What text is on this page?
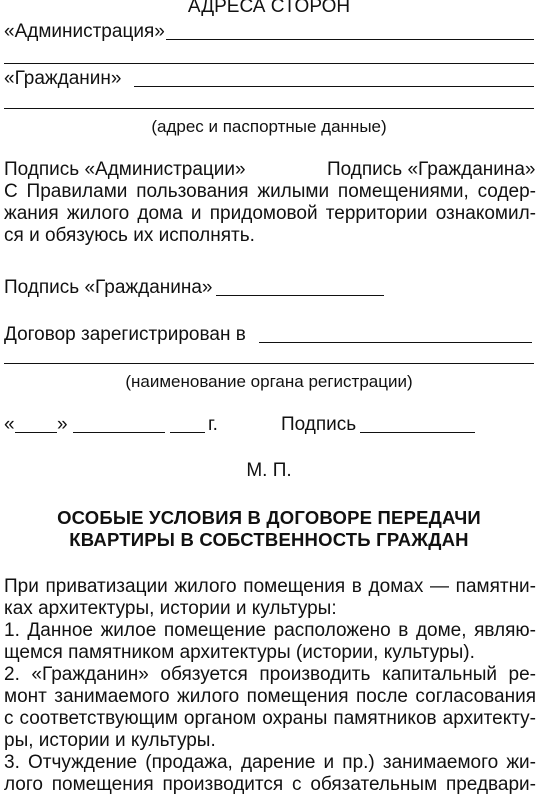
АДРЕСА СТОРОН
«Администрация»
«Гражданин»
(адрес и паспортные данные)
Подпись «Администрации»	Подпись «Гражданина»
С Правилами пользования жилыми помещениями, содер-
жания жилого дома и придомовой территории ознакомил-
ся и обязуюсь их исполнять.
Подпись «Гражданина»
Договор зарегистрирован в
(наименование органа регистрации)
« »	г.	Подпись
М. П.
ОСОБЫЕ УСЛОВИЯ В ДОГОВОРЕ ПЕРЕДАЧИ
КВАРТИРЫ В СОБСТВЕННОСТЬ ГРАЖДАН
При приватизации жилого помещения в домах — памятни-
ках архитектуры, истории и культуры:
1. Данное жилое помещение расположено в доме, являю-
щемся памятником архитектуры (истории, культуры).
2. «Гражданин» обязуется производить капитальный ре-
монт занимаемого жилого помещения после согласования
с соответствующим органом охраны памятников архитекту-
ры, истории и культуры.
3. Отчуждение (продажа, дарение и пр.) занимаемого жи-
лого помещения производится с обязательным предвари-
